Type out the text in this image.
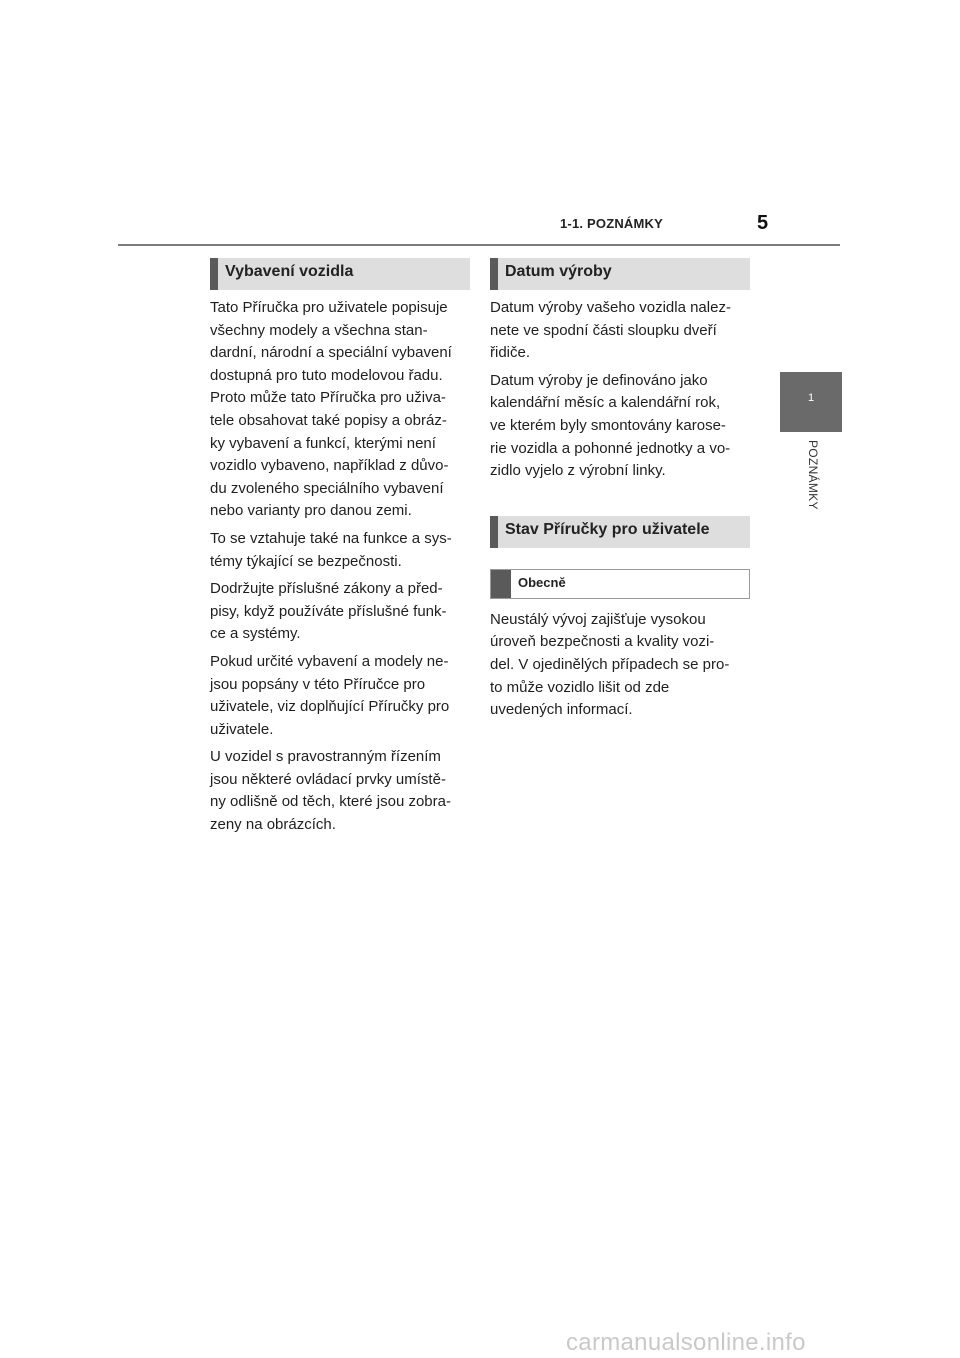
1-1. POZNÁMKY	5
1
POZNÁMKY
Vybavení vozidla

Tato Příručka pro uživatele popisuje
všechny modely a všechna stan-
dardní, národní a speciální vybavení
dostupná pro tuto modelovou řadu.
Proto může tato Příručka pro uživa-
tele obsahovat také popisy a obráz-
ky vybavení a funkcí, kterými není
vozidlo vybaveno, například z důvo-
du zvoleného speciálního vybavení
nebo varianty pro danou zemi.

To se vztahuje také na funkce a sys-
témy týkající se bezpečnosti.

Dodržujte příslušné zákony a před-
pisy, když používáte příslušné funk-
ce a systémy.

Pokud určité vybavení a modely ne-
jsou popsány v této Příručce pro
uživatele, viz doplňující Příručky pro
uživatele.

U vozidel s pravostranným řízením
jsou některé ovládací prvky umístě-
ny odlišně od těch, které jsou zobra-
zeny na obrázcích.

Datum výroby

Datum výroby vašeho vozidla nalez-
nete ve spodní části sloupku dveří
řidiče.

Datum výroby je definováno jako
kalendářní měsíc a kalendářní rok,
ve kterém byly smontovány karose-
rie vozidla a pohonné jednotky a vo-
zidlo vyjelo z výrobní linky.

Stav Příručky pro uživatele
Obecně

Neustálý vývoj zajišťuje vysokou
úroveň bezpečnosti a kvality vozi-
del. V ojedinělých případech se pro-
to může vozidlo lišit od zde
uvedených informací.

carmanualsonline.info
